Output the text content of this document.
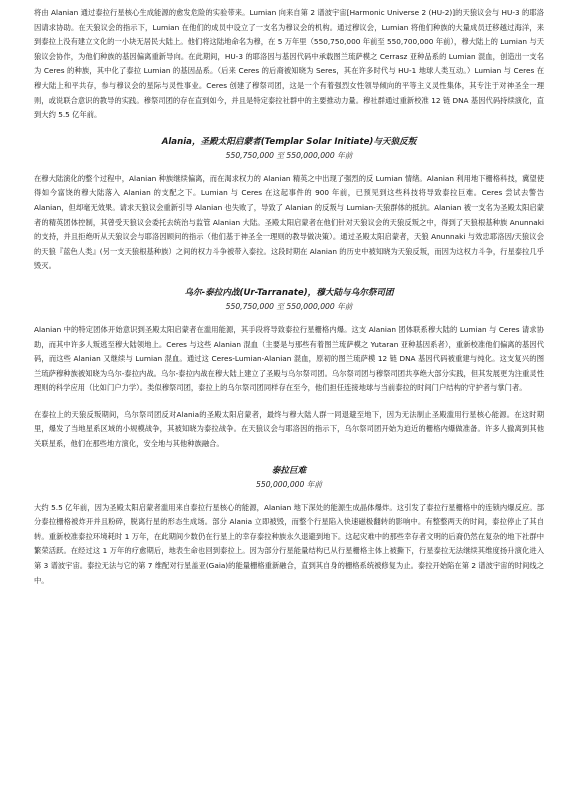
将由 Alanian 通过泰拉行星核心生成能源的愈发危险的实验带来。Lumian 向来自第 2 谱波宇宙[Harmonic Universe 2 (HU-2)]的天狼议会与 HU-3 的耶洛因请求协助。在天狼议会的指示下，Lumian 在他们的成员中设立了一支名为穆议会的机构。通过穆议会，Lumian 将他们种族的大量成员迁移越过海洋，来到泰拉上没有建立文化的一小块无居民大陆上。他们将这陆地命名为穆，在 5 万年里（550,750,000 年前至 550,700,000 年前），穆大陆上的 Lumian 与天狼议会协作，为他们种族的基因偏离重新导向。在此期间，HU-3 的耶洛因与基因代码中承载图兰琉萨模之 Cerrasz 亚种品系的 Lumian 混血，创造出一支名为 Ceres 的种族，其中化了泰拉 Lumian 的基因品系。（后来 Ceres 的后裔被知晓为 Seres，其在许多时代与 HU-1 地球人类互动。）Lumian 与 Ceres 在穆大陆上和平共存，参与穆议会的星际与灵性事业。Ceres 创建了穆祭司团，这是一个有着强烈女性领导倾向的平等主义灵性集体，其专注于对神圣全一理则，或说联合意识的教导的实践。穆祭司团的存在直到如今，并且是特定泰拉社群中的主要推动力量。穆社群通过重新校准 12 链 DNA 基因代码持续演化，直到大约 5.5 亿年前。

Alania，圣殿太阳启蒙者(Templar Solar Initiate)与天狼反叛
550,750,000 至 550,000,000 年前

在穆大陆演化的整个过程中，Alanian 种族继续偏离，而在渴求权力的 Alanian 精英之中出现了强烈的反 Lumian 情绪。Alanian 利用地下栅格科技，冀望使得如今富饶的穆大陆落入 Alanian 的支配之下。Lumian 与 Ceres 在这起事件的 900 年前，已预见到这些科技将导致泰拉巨难。Ceres 尝试去警告 Alanian，但却毫无效果。请求天狼议会重新引导 Alanian 也失败了，导致了 Alanian 的反叛与 Lumian-天狼群体的抵抗。Alanian 被一支名为圣殿太阳启蒙者的精英团体控制，其曾受天狼议会委托去统治与监管 Alanian 大陆。圣殿太阳启蒙者在他们针对天狼议会的天狼反叛之中，得到了天狼根基种族 Anunnaki 的支持，并且拒绝听从天狼议会与耶洛因顾问的指示（他们基于神圣全一理则的教导做决策）。通过圣殿太阳启蒙者，天狼 Anunnaki 与效忠耶洛因/天狼议会的天狼『蓝色人类』(另一支天狼根基种族）之间的权力斗争被带入泰拉。这段时期在 Alanian 的历史中被知晓为天狼反叛，而因为这权力斗争，行星泰拉几乎毁灭。

乌尔-泰拉内战(Ur-Tarranate)，穆大陆与乌尔祭司团
550,750,000 至 550,000,000 年前

Alanian 中的特定团体开始意识到圣殿太阳启蒙者在滥用能源，其手段将导致泰拉行星栅格内爆。这支 Alanian 团体联系穆大陆的 Lumian 与 Ceres 请求协助，而其中许多人叛逃至穆大陆领地上。Ceres 与这些 Alanian 混血（主要是与那些有着图兰琉萨模之 Yutaran 亚种基因系者），重新校准他们偏离的基因代码，而这些 Alanian 又继续与 Lumian 混血。通过这 Ceres-Lumian-Alanian 混血，原初的图兰琉萨模 12 链 DNA 基因代码被重建与纯化。这支复兴的图兰琉萨穆种族被知晓为乌尔-泰拉内战。乌尔-泰拉内战在穆大陆上建立了圣殿与乌尔祭司团。乌尔祭司团与穆祭司团共享绝大部分实践，但其发展更为注重灵性理则的科学应用（比如门户力学）。类似穆祭司团，泰拉上的乌尔祭司团同样存在至今，他们担任连接地球与当前泰拉的时间门户结构的守护者与掌门者。

在泰拉上的天狼反叛期间，乌尔祭司团反对Alania的圣殿太阳启蒙者，最终与穆大陆人群一同退避至地下，因为无法制止圣殿滥用行星核心能源。在这时期里，爆发了当地星系区域的小规模战争，其被知晓为泰拉战争。在天狼议会与耶洛因的指示下，乌尔祭司团开始为迫近的栅格内爆做准备。许多人撤离到其他关联星系，他们在那些地方演化，安全地与其他种族融合。

泰拉巨难
550,000,000 年前

大约 5.5 亿年前，因为圣殿太阳启蒙者滥用来自泰拉行星核心的能源，Alanian 地下深处的能源生成晶体爆炸。这引发了泰拉行星栅格中的连锁内爆反应。部分泰拉栅格被炸开并且粉碎，脱离行星的形态生成场。部分 Alania 立即被毁，而整个行星陷入快速磁极翻转的影响中。有整整两天的时间，泰拉停止了其自转。重新校准泰拉环境耗时 1 万年，在此期间少数仍在行星上的幸存泰拉种族永久退避到地下。这起灾难中的那些幸存者文明的后裔仍然在复杂的地下社群中繁荣活跃。在经过这 1 万年的疗愈期后，地表生命也回到泰拉上。因为部分行星能量结构已从行星栅格主体上被撕下，行星泰拉无法继续其维度扬升演化进入第 3 谱波宇宙。泰拉无法与它的第 7 维配对行星盖亚(Gaia)的能量栅格重新融合，直到其自身的栅格系统被修复为止。泰拉开始陷在第 2 谱波宇宙的时间线之中。
